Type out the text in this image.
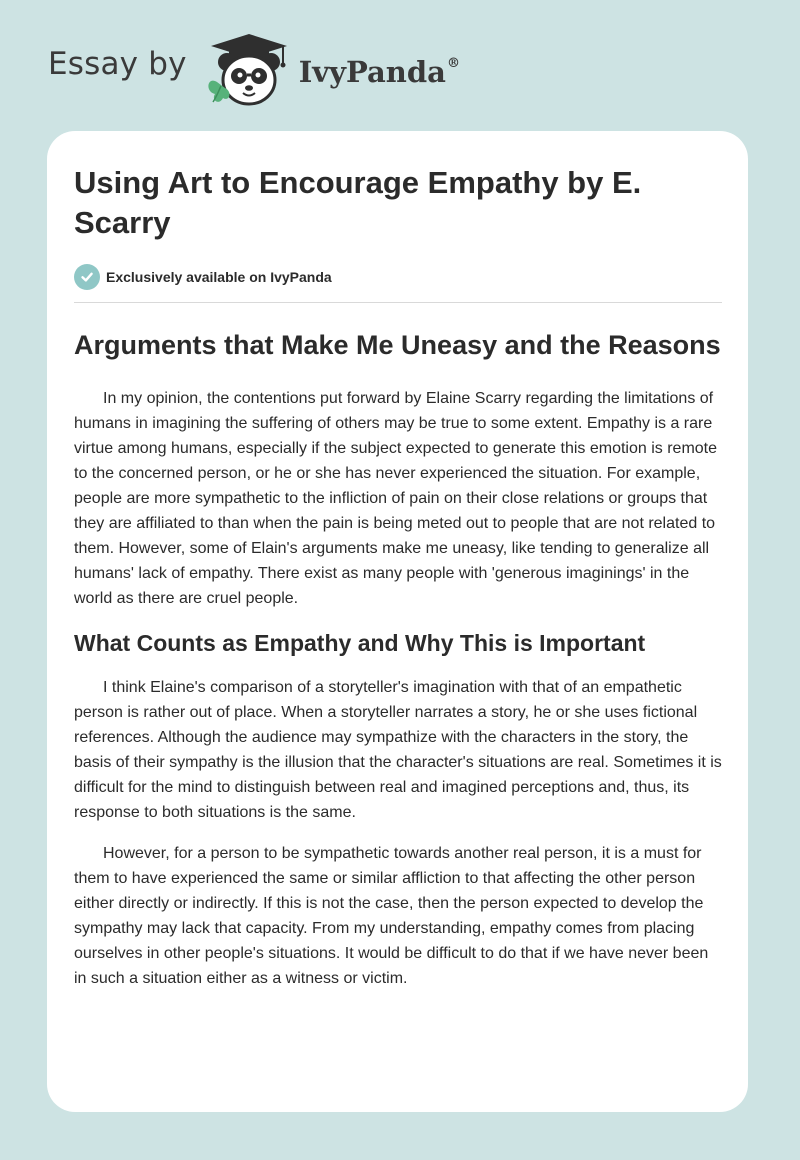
Essay by	IvyPanda®
Using Art to Encourage Empathy by E. Scarry
Exclusively available on IvyPanda
Arguments that Make Me Uneasy and the Reasons

In my opinion, the contentions put forward by Elaine Scarry regarding the limitations of humans in imagining the suffering of others may be true to some extent. Empathy is a rare virtue among humans, especially if the subject expected to generate this emotion is remote to the concerned person, or he or she has never experienced the situation. For example, people are more sympathetic to the infliction of pain on their close relations or groups that they are affiliated to than when the pain is being meted out to people that are not related to them. However, some of Elain's arguments make me uneasy, like tending to generalize all humans' lack of empathy. There exist as many people with 'generous imaginings' in the world as there are cruel people.

What Counts as Empathy and Why This is Important

I think Elaine's comparison of a storyteller's imagination with that of an empathetic person is rather out of place. When a storyteller narrates a story, he or she uses fictional references. Although the audience may sympathize with the characters in the story, the basis of their sympathy is the illusion that the character's situations are real. Sometimes it is difficult for the mind to distinguish between real and imagined perceptions and, thus, its response to both situations is the same.

However, for a person to be sympathetic towards another real person, it is a must for them to have experienced the same or similar affliction to that affecting the other person either directly or indirectly. If this is not the case, then the person expected to develop the sympathy may lack that capacity. From my understanding, empathy comes from placing ourselves in other people's situations. It would be difficult to do that if we have never been in such a situation either as a witness or victim.
